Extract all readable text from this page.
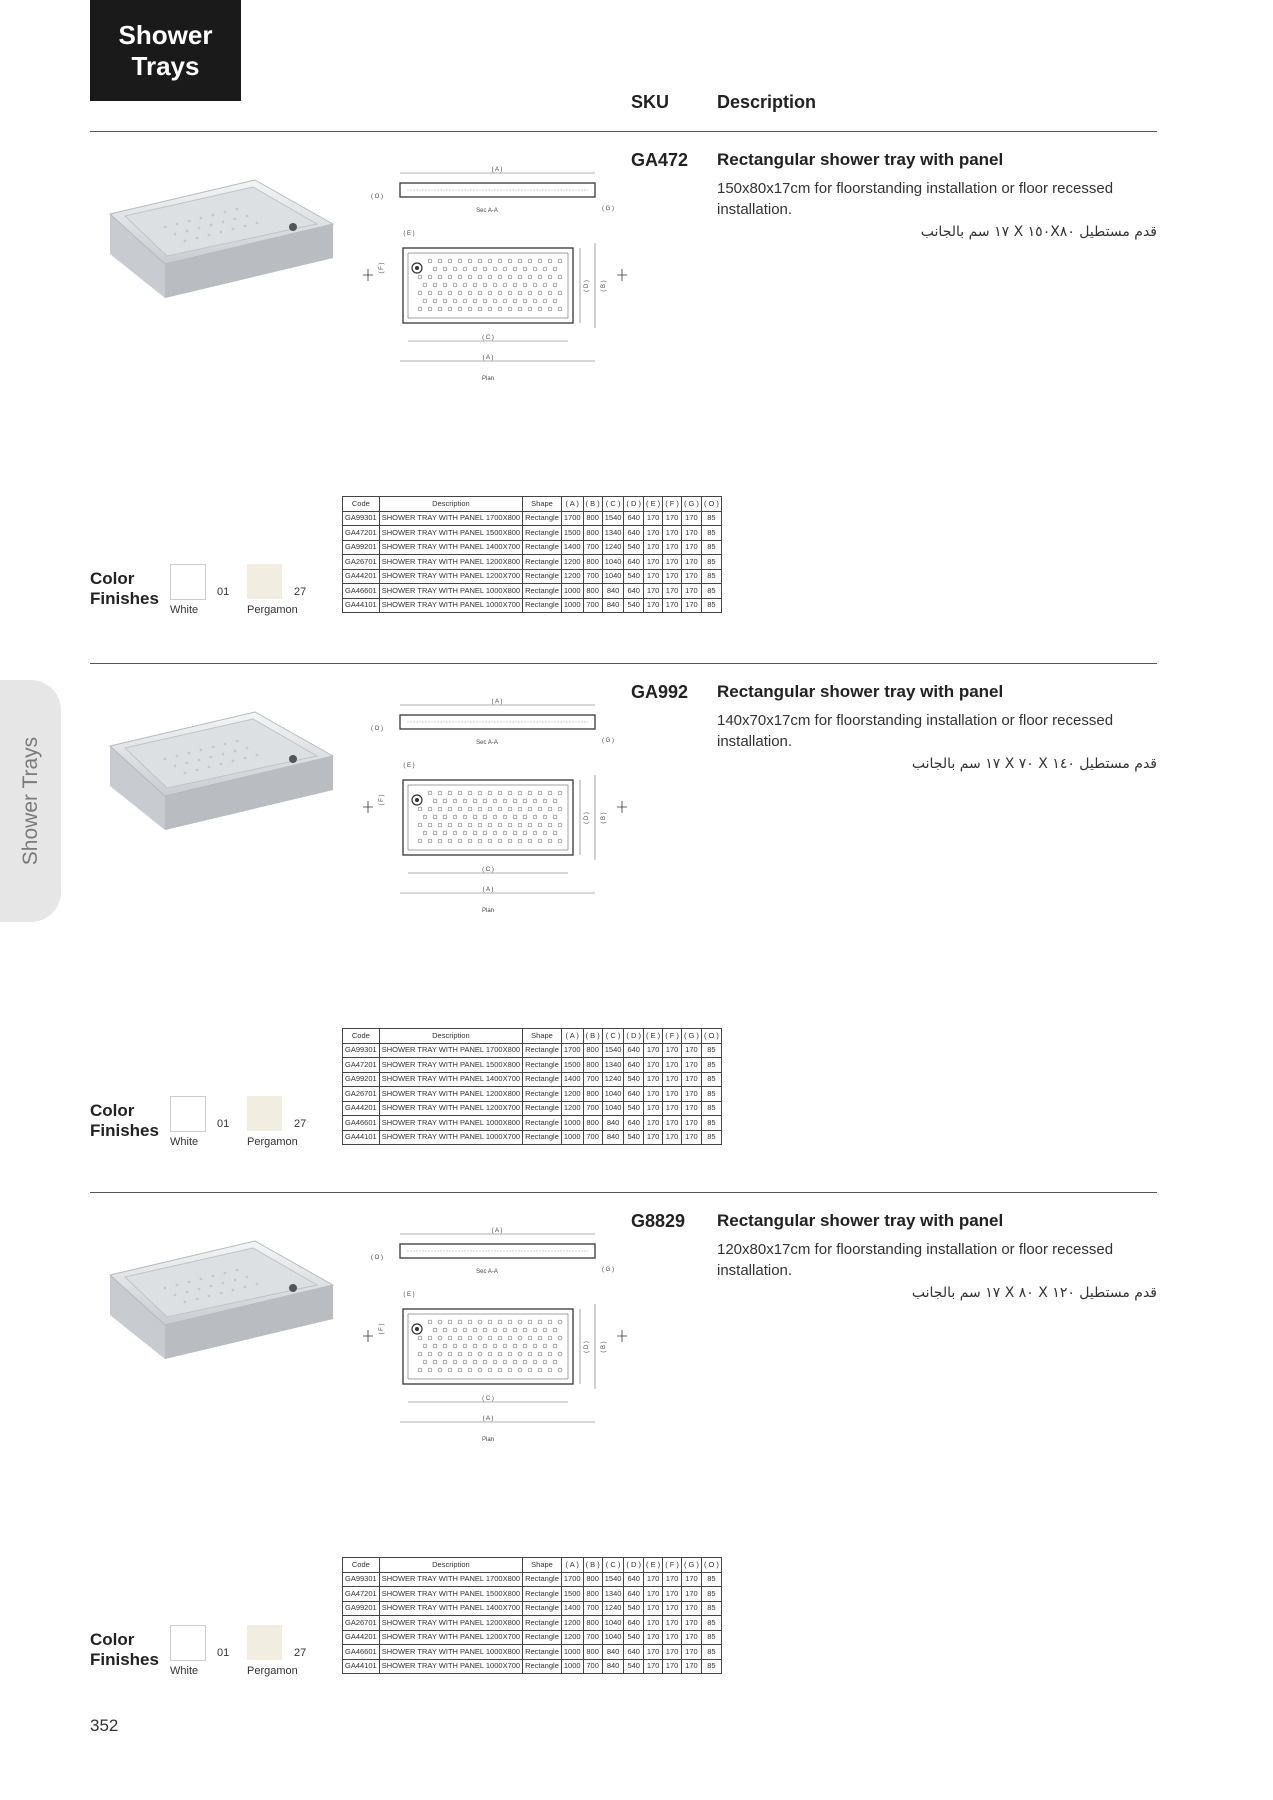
Shower
Trays
SKU	Description
Shower Trays
352
( A )
( O )
( G )
Sec A-A
( E )
( F )
( D ) ( B )
( C )
( A )
Plan
GA472 Rectangular shower tray with panel
150x80x17cm for floorstanding installation or floor recessed installation.
قدم مستطيل ١٥٠X٨٠ X ١٧ سم بالجانب
Color
Finishes	01
White
27
Pergamon
Code	Description	Shape	( A )	( B )	( C )	( D )	( E )	( F )	( G )	( O )
GA99301	SHOWER TRAY WITH PANEL 1700X800	Rectangle	1700	800	1540	640	170	170	170	85
GA47201	SHOWER TRAY WITH PANEL 1500X800	Rectangle	1500	800	1340	640	170	170	170	85
GA99201	SHOWER TRAY WITH PANEL 1400X700	Rectangle	1400	700	1240	540	170	170	170	85
GA26701	SHOWER TRAY WITH PANEL 1200X800	Rectangle	1200	800	1040	640	170	170	170	85
GA44201	SHOWER TRAY WITH PANEL 1200X700	Rectangle	1200	700	1040	540	170	170	170	85
GA46601	SHOWER TRAY WITH PANEL 1000X800	Rectangle	1000	800	840	640	170	170	170	85
GA44101	SHOWER TRAY WITH PANEL 1000X700	Rectangle	1000	700	840	540	170	170	170	85
( A )
( O )
( G )
Sec A-A
( E )
( F )
( D ) ( B )
( C )
( A )
Plan
GA992 Rectangular shower tray with panel
140x70x17cm for floorstanding installation or floor recessed installation.
قدم مستطيل ١٤٠ X ٧٠ X ١٧ سم بالجانب
Color
Finishes	01
White
27
Pergamon
Code	Description	Shape	( A )	( B )	( C )	( D )	( E )	( F )	( G )	( O )
GA99301	SHOWER TRAY WITH PANEL 1700X800	Rectangle	1700	800	1540	640	170	170	170	85
GA47201	SHOWER TRAY WITH PANEL 1500X800	Rectangle	1500	800	1340	640	170	170	170	85
GA99201	SHOWER TRAY WITH PANEL 1400X700	Rectangle	1400	700	1240	540	170	170	170	85
GA26701	SHOWER TRAY WITH PANEL 1200X800	Rectangle	1200	800	1040	640	170	170	170	85
GA44201	SHOWER TRAY WITH PANEL 1200X700	Rectangle	1200	700	1040	540	170	170	170	85
GA46601	SHOWER TRAY WITH PANEL 1000X800	Rectangle	1000	800	840	640	170	170	170	85
GA44101	SHOWER TRAY WITH PANEL 1000X700	Rectangle	1000	700	840	540	170	170	170	85
( A )
( O )
( G )
Sec A-A
( E )
( F )
( D ) ( B )
( C )
( A )
Plan
G8829 Rectangular shower tray with panel
120x80x17cm for floorstanding installation or floor recessed installation.
قدم مستطيل ١٢٠ X ٨٠ X ١٧ سم بالجانب
Color
Finishes	01
White
27
Pergamon
Code	Description	Shape	( A )	( B )	( C )	( D )	( E )	( F )	( G )	( O )
GA99301	SHOWER TRAY WITH PANEL 1700X800	Rectangle	1700	800	1540	640	170	170	170	85
GA47201	SHOWER TRAY WITH PANEL 1500X800	Rectangle	1500	800	1340	640	170	170	170	85
GA99201	SHOWER TRAY WITH PANEL 1400X700	Rectangle	1400	700	1240	540	170	170	170	85
GA26701	SHOWER TRAY WITH PANEL 1200X800	Rectangle	1200	800	1040	640	170	170	170	85
GA44201	SHOWER TRAY WITH PANEL 1200X700	Rectangle	1200	700	1040	540	170	170	170	85
GA46601	SHOWER TRAY WITH PANEL 1000X800	Rectangle	1000	800	840	640	170	170	170	85
GA44101	SHOWER TRAY WITH PANEL 1000X700	Rectangle	1000	700	840	540	170	170	170	85
